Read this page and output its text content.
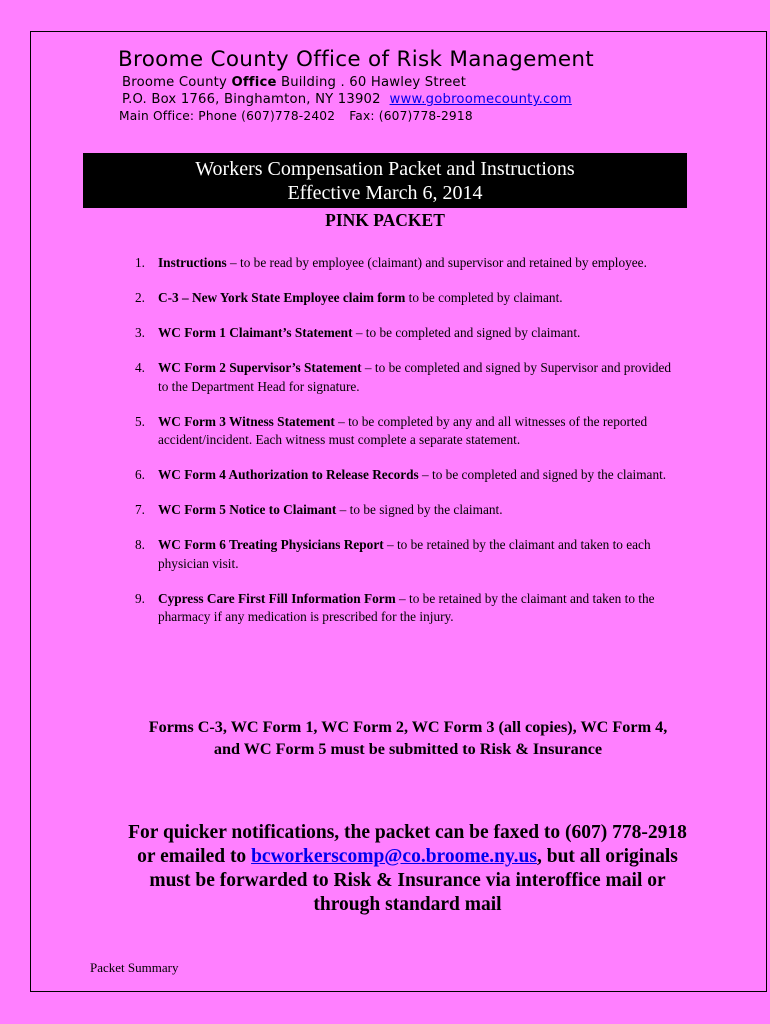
Broome County Office of Risk Management

Broome County Office Building . 60 Hawley Street

P.O. Box 1766, Binghamton, NY 13902 www.gobroomecounty.com

Main Office: Phone (607)778-2402 Fax: (607)778-2918

Workers Compensation Packet and Instructions
Effective March 6, 2014
PINK PACKET
1. Instructions – to be read by employee (claimant) and supervisor and retained by employee.
2. C-3 – New York State Employee claim form to be completed by claimant.
3. WC Form 1 Claimant’s Statement – to be completed and signed by claimant.
4. WC Form 2 Supervisor’s Statement – to be completed and signed by Supervisor and provided to the Department Head for signature.
5. WC Form 3 Witness Statement – to be completed by any and all witnesses of the reported accident/incident. Each witness must complete a separate statement.
6. WC Form 4 Authorization to Release Records – to be completed and signed by the claimant.
7. WC Form 5 Notice to Claimant – to be signed by the claimant.
8. WC Form 6 Treating Physicians Report – to be retained by the claimant and taken to each physician visit.
9. Cypress Care First Fill Information Form – to be retained by the claimant and taken to the pharmacy if any medication is prescribed for the injury.
Forms C-3, WC Form 1, WC Form 2, WC Form 3 (all copies), WC Form 4, and WC Form 5 must be submitted to Risk & Insurance
For quicker notifications, the packet can be faxed to (607) 778-2918 or emailed to bcworkerscomp@co.broome.ny.us, but all originals must be forwarded to Risk & Insurance via interoffice mail or through standard mail
Packet Summary
